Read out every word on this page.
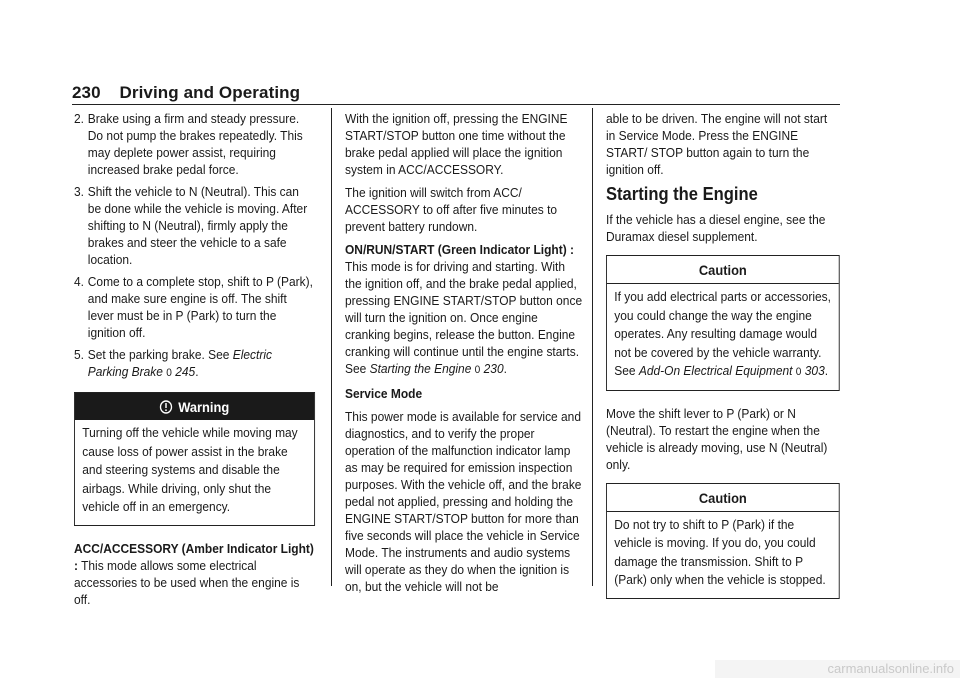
230 Driving and Operating
2. Brake using a firm and steady pressure. Do not pump the brakes repeatedly. This may deplete power assist, requiring increased brake pedal force.
3. Shift the vehicle to N (Neutral). This can be done while the vehicle is moving. After shifting to N (Neutral), firmly apply the brakes and steer the vehicle to a safe location.
4. Come to a complete stop, shift to P (Park), and make sure engine is off. The shift lever must be in P (Park) to turn the ignition off.
5. Set the parking brake. See Electric Parking Brake 0 245.
Warning
Turning off the vehicle while moving may cause loss of power assist in the brake and steering systems and disable the airbags. While driving, only shut the vehicle off in an emergency.

ACC/ACCESSORY (Amber Indicator Light) : This mode allows some electrical accessories to be used when the engine is off.

With the ignition off, pressing the ENGINE START/STOP button one time without the brake pedal applied will place the ignition system in ACC/ACCESSORY.

The ignition will switch from ACC/ ACCESSORY to off after five minutes to prevent battery rundown.

ON/RUN/START (Green Indicator Light) : This mode is for driving and starting. With the ignition off, and the brake pedal applied, pressing ENGINE START/STOP button once will turn the ignition on. Once engine cranking begins, release the button. Engine cranking will continue until the engine starts. See Starting the Engine 0 230.

Service Mode

This power mode is available for service and diagnostics, and to verify the proper operation of the malfunction indicator lamp as may be required for emission inspection purposes. With the vehicle off, and the brake pedal not applied, pressing and holding the ENGINE START/STOP button for more than five seconds will place the vehicle in Service Mode. The instruments and audio systems will operate as they do when the ignition is on, but the vehicle will not be

able to be driven. The engine will not start in Service Mode. Press the ENGINE START/ STOP button again to turn the ignition off.

Starting the Engine

If the vehicle has a diesel engine, see the Duramax diesel supplement.

Caution
If you add electrical parts or accessories, you could change the way the engine operates. Any resulting damage would not be covered by the vehicle warranty. See Add-On Electrical Equipment 0 303.

Move the shift lever to P (Park) or N (Neutral). To restart the engine when the vehicle is already moving, use N (Neutral) only.

Caution
Do not try to shift to P (Park) if the vehicle is moving. If you do, you could damage the transmission. Shift to P (Park) only when the vehicle is stopped.
carmanualsonline.info
